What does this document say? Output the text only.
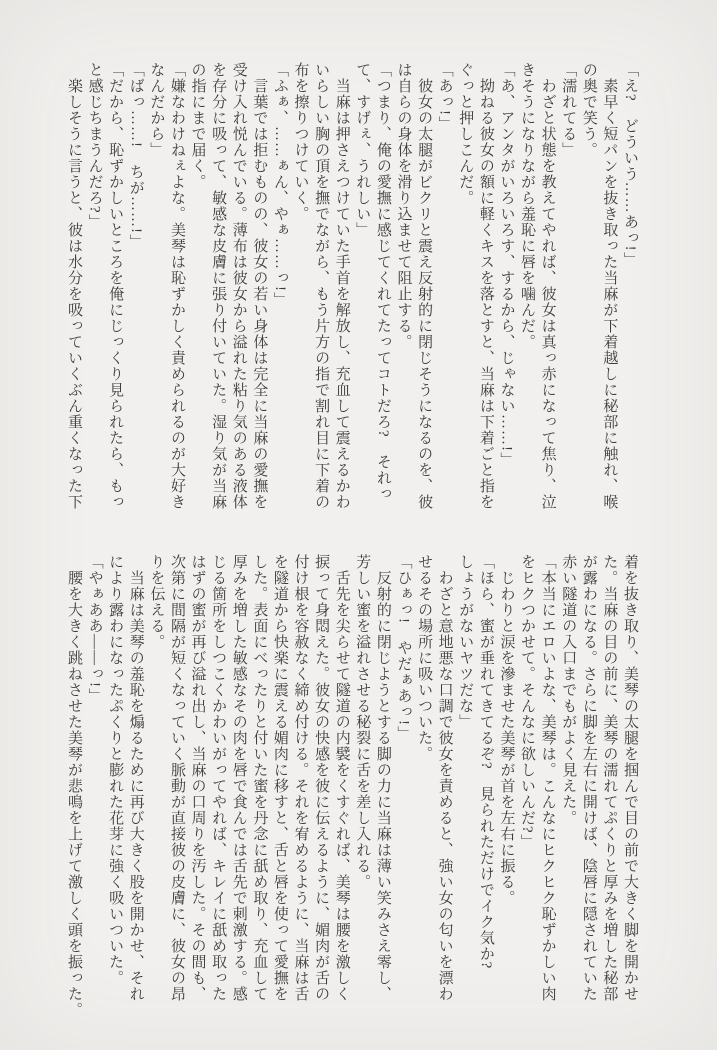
「え?　どういう……あっ!」

素早く短パンを抜き取った当麻が下着越しに秘部に触れ、喉

の奥で笑う。

「濡れてる」

わざと状態を教えてやれば、彼女は真っ赤になって焦り、泣

きそうになりながら羞恥に唇を噛んだ。

「あ、アンタがいろいろす、するから、じゃない……!」

拗ねる彼女の額に軽くキスを落とすと、当麻は下着ごと指を

ぐっと押しこんだ。

「あっ!」

彼女の太腿がビクリと震え反射的に閉じそうになるのを、彼

は自らの身体を滑り込ませて阻止する。

「つまり、俺の愛撫に感じてくれてたってコトだろ?　それっ

て、すげぇ、うれしい」

当麻は押さえつけていた手首を解放し、充血して震えるかわ

いらしい胸の頂を撫でながら、もう片方の指で割れ目に下着の

布を擦りつけていく。

「ふぁ、……ぁん、やぁ……っ!」

言葉では拒むものの、彼女の若い身体は完全に当麻の愛撫を

受け入れ悦んでいる。薄布は彼女から溢れた粘り気のある液体

を存分に吸って、敏感な皮膚に張り付いていた。湿り気が当麻

の指にまで届く。

「嫌なわけねぇよな。美琴は恥ずかしく責められるのが大好き

なんだから」

「ばっ……!　ちが……!」

「だから、恥ずかしいところを俺にじっくり見られたら、もっ

と感じちまうんだろ?」

楽しそうに言うと、彼は水分を吸っていくぶん重くなった下

着を抜き取り、美琴の太腿を掴んで目の前で大きく脚を開かせ

た。当麻の目の前に、美琴の濡れてぷくりと厚みを増した秘部

が露わになる。さらに脚を左右に開けば、陰唇に隠されていた

赤い隧道の入口までもがよく見えた。

「本当にエロいよな、美琴は。こんなにヒクヒク恥ずかしい肉

をヒクつかせて。そんなに欲しいんだ?」

じわりと涙を滲ませた美琴が首を左右に振る。

「ほら、蜜が垂れてきてるぞ?　見られただけでイク気か?

しょうがないヤツだな」

わざと意地悪な口調で彼女を責めると、強い女の匂いを漂わ

せるその場所に吸いついた。

「ひぁっ!　やだぁあっ!」

反射的に閉じようとする脚の力に当麻は薄い笑みさえ零し、

芳しい蜜を溢れさせる秘裂に舌を差し入れる。

舌先を尖らせて隧道の内襞をくすぐれば、美琴は腰を激しく

捩って身悶えた。彼女の快感を彼に伝えるように、媚肉が舌の

付け根を容赦なく締め付ける。それを宥めるように、当麻は舌

を隧道から快楽に震える媚肉に移すと、舌と唇を使って愛撫を

した。表面にべったりと付いた蜜を丹念に舐め取り、充血して

厚みを増した敏感なその肉を唇で食んでは舌先で刺激する。感

じる箇所をしつこくかわいがってやれば、キレイに舐め取った

はずの蜜が再び溢れ出し、当麻の口周りを汚した。その間も、

次第に間隔が短くなっていく脈動が直接彼の皮膚に、彼女の昂

りを伝える。

当麻は美琴の羞恥を煽るために再び大きく股を開かせ、それ

により露わになったぷくりと膨れた花芽に強く吸いついた。

「やぁああ――っ!」

腰を大きく跳ねさせた美琴が悲鳴を上げて激しく頭を振った。
